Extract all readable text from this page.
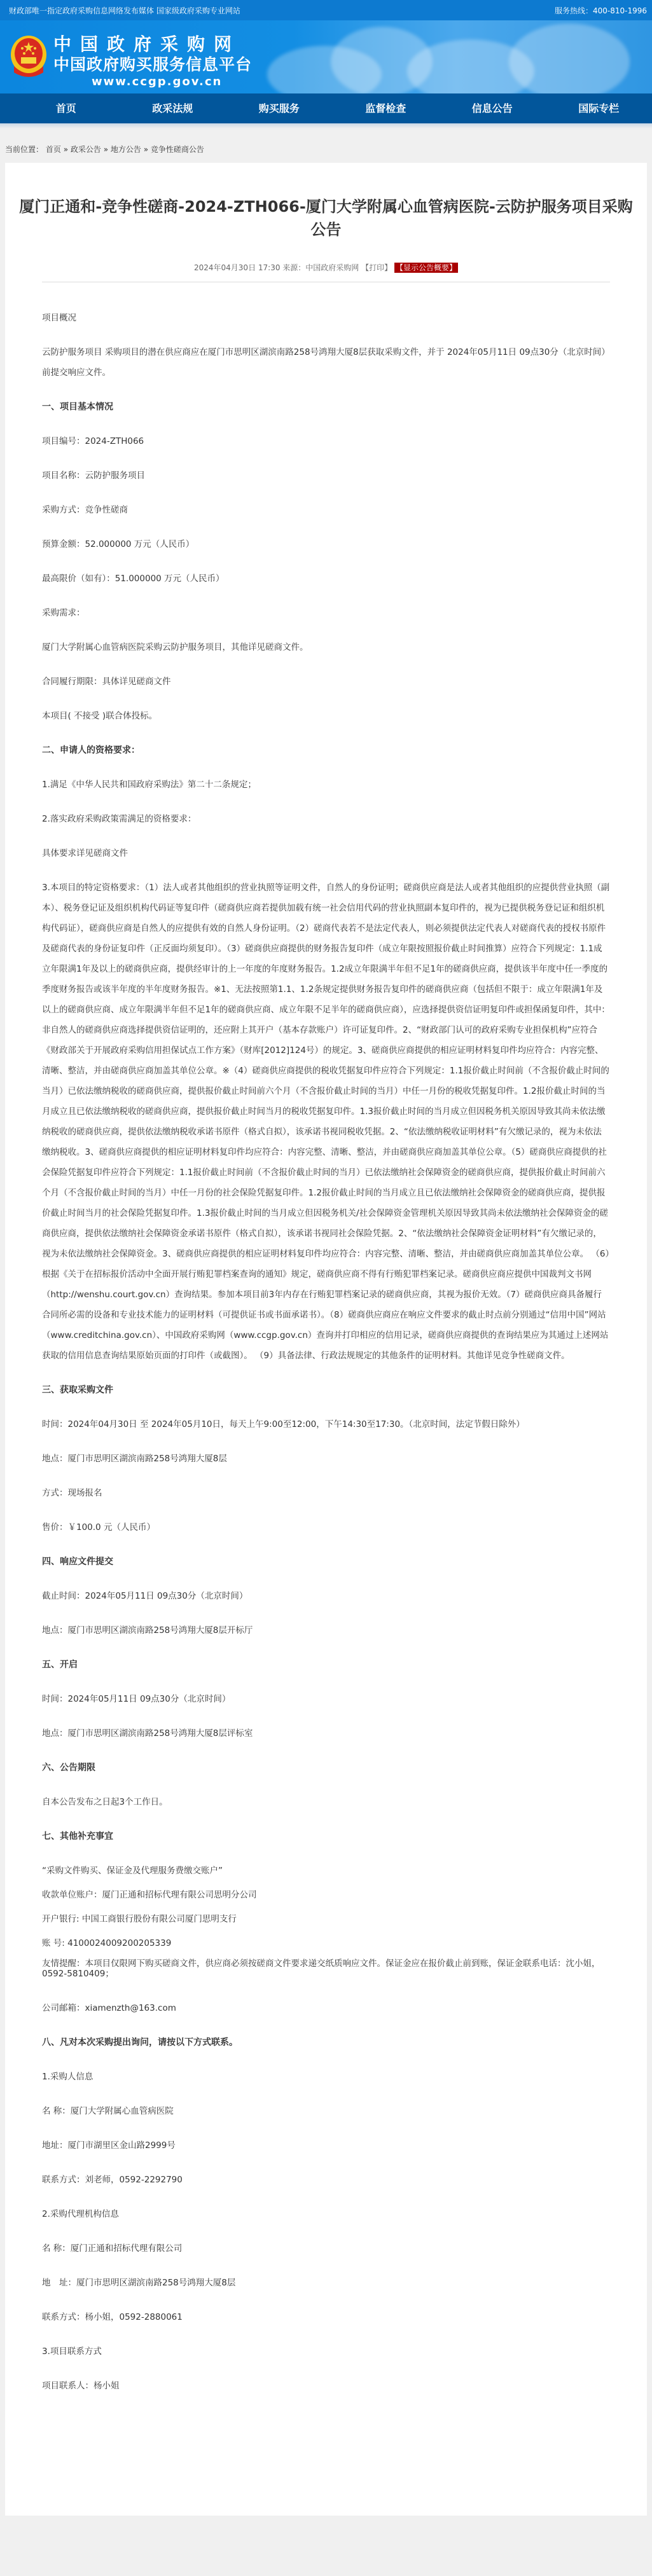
财政部唯一指定政府采购信息网络发布媒体 国家级政府采购专业网站	服务热线：400-810-1996
中国政府采购网
中国政府购买服务信息平台
www.ccgp.gov.cn
首页	政采法规	购买服务	监督检查	信息公告	国际专栏
当前位置： 首页 » 政采公告 » 地方公告 » 竞争性磋商公告
厦门正通和-竞争性磋商-2024-ZTH066-厦门大学附属心血管病医院-云防护服务项目采购公告
2024年04月30日 17:30 来源：中国政府采购网 【打印】 【显示公告概要】

项目概况

云防护服务项目 采购项目的潜在供应商应在厦门市思明区湖滨南路258号鸿翔大厦8层获取采购文件，并于 2024年05月11日 09点30分（北京时间）前提交响应文件。

一、项目基本情况

项目编号：2024-ZTH066

项目名称：云防护服务项目

采购方式：竞争性磋商

预算金额：52.000000 万元（人民币）

最高限价（如有）：51.000000 万元（人民币）

采购需求：

厦门大学附属心血管病医院采购云防护服务项目，其他详见磋商文件。

合同履行期限：具体详见磋商文件

本项目( 不接受 )联合体投标。

二、申请人的资格要求：

1.满足《中华人民共和国政府采购法》第二十二条规定；

2.落实政府采购政策需满足的资格要求：

具体要求详见磋商文件

3.本项目的特定资格要求：（1）法人或者其他组织的营业执照等证明文件，自然人的身份证明；磋商供应商是法人或者其他组织的应提供营业执照（副本）、税务登记证及组织机构代码证等复印件（磋商供应商若提供加载有统一社会信用代码的营业执照副本复印件的，视为已提供税务登记证和组织机构代码证），磋商供应商是自然人的应提供有效的自然人身份证明。（2）磋商代表若不是法定代表人，则必须提供法定代表人对磋商代表的授权书原件及磋商代表的身份证复印件（正反面均须复印）。（3）磋商供应商提供的财务报告复印件（成立年限按照报价截止时间推算）应符合下列规定：1.1成立年限满1年及以上的磋商供应商，提供经审计的上一年度的年度财务报告。1.2成立年限满半年但不足1年的磋商供应商，提供该半年度中任一季度的季度财务报告或该半年度的半年度财务报告。※1、无法按照第1.1、1.2条规定提供财务报告复印件的磋商供应商（包括但不限于：成立年限满1年及以上的磋商供应商、成立年限满半年但不足1年的磋商供应商、成立年限不足半年的磋商供应商），应选择提供资信证明复印件或担保函复印件，其中：非自然人的磋商供应商选择提供资信证明的，还应附上其开户（基本存款账户）许可证复印件。2、“财政部门认可的政府采购专业担保机构”应符合《财政部关于开展政府采购信用担保试点工作方案》（财库[2012]124号）的规定。3、磋商供应商提供的相应证明材料复印件均应符合：内容完整、清晰、整洁，并由磋商供应商加盖其单位公章。※（4）磋商供应商提供的税收凭据复印件应符合下列规定：1.1报价截止时间前（不含报价截止时间的当月）已依法缴纳税收的磋商供应商，提供报价截止时间前六个月（不含报价截止时间的当月）中任一月份的税收凭据复印件。1.2报价截止时间的当月成立且已依法缴纳税收的磋商供应商，提供报价截止时间当月的税收凭据复印件。1.3报价截止时间的当月成立但因税务机关原因导致其尚未依法缴纳税收的磋商供应商，提供依法缴纳税收承诺书原件（格式自拟），该承诺书视同税收凭据。2、“依法缴纳税收证明材料”有欠缴记录的，视为未依法缴纳税收。3、磋商供应商提供的相应证明材料复印件均应符合：内容完整、清晰、整洁，并由磋商供应商加盖其单位公章。（5）磋商供应商提供的社会保险凭据复印件应符合下列规定：1.1报价截止时间前（不含报价截止时间的当月）已依法缴纳社会保障资金的磋商供应商，提供报价截止时间前六个月（不含报价截止时间的当月）中任一月份的社会保险凭据复印件。1.2报价截止时间的当月成立且已依法缴纳社会保障资金的磋商供应商，提供报价截止时间当月的社会保险凭据复印件。1.3报价截止时间的当月成立但因税务机关/社会保障资金管理机关原因导致其尚未依法缴纳社会保障资金的磋商供应商，提供依法缴纳社会保障资金承诺书原件（格式自拟），该承诺书视同社会保险凭据。2、“依法缴纳社会保障资金证明材料”有欠缴记录的，视为未依法缴纳社会保障资金。3、磋商供应商提供的相应证明材料复印件均应符合：内容完整、清晰、整洁，并由磋商供应商加盖其单位公章。 （6）根据《关于在招标报价活动中全面开展行贿犯罪档案查询的通知》规定，磋商供应商不得有行贿犯罪档案记录。磋商供应商应提供中国裁判文书网（http://wenshu.court.gov.cn）查询结果。参加本项目前3年内存在行贿犯罪档案记录的磋商供应商，其视为报价无效。（7）磋商供应商具备履行合同所必需的设备和专业技术能力的证明材料（可提供证书或书面承诺书）。（8）磋商供应商应在响应文件要求的截止时点前分别通过“信用中国”网站（www.creditchina.gov.cn）、中国政府采购网（www.ccgp.gov.cn）查询并打印相应的信用记录，磋商供应商提供的查询结果应为其通过上述网站获取的信用信息查询结果原始页面的打印件（或截图）。 （9）具备法律、行政法规规定的其他条件的证明材料。其他详见竞争性磋商文件。

三、获取采购文件

时间：2024年04月30日 至 2024年05月10日，每天上午9:00至12:00，下午14:30至17:30。（北京时间，法定节假日除外）

地点：厦门市思明区湖滨南路258号鸿翔大厦8层

方式：现场报名

售价：￥100.0 元（人民币）

四、响应文件提交

截止时间：2024年05月11日 09点30分（北京时间）

地点：厦门市思明区湖滨南路258号鸿翔大厦8层开标厅

五、开启

时间：2024年05月11日 09点30分（北京时间）

地点：厦门市思明区湖滨南路258号鸿翔大厦8层评标室

六、公告期限

自本公告发布之日起3个工作日。

七、其他补充事宜

“采购文件购买、保证金及代理服务费缴交账户”

收款单位账户：厦门正通和招标代理有限公司思明分公司

开户银行: 中国工商银行股份有限公司厦门思明支行

账 号: 4100024009200205339

友情提醒：本项目仅限网下购买磋商文件，供应商必须按磋商文件要求递交纸质响应文件。保证金应在报价截止前到账，保证金联系电话：沈小姐，0592-5810409；

公司邮箱：xiamenzth@163.com

八、凡对本次采购提出询问，请按以下方式联系。

1.采购人信息

名 称：厦门大学附属心血管病医院

地址：厦门市湖里区金山路2999号

联系方式：刘老师，0592-2292790

2.采购代理机构信息

名 称：厦门正通和招标代理有限公司

地　址：厦门市思明区湖滨南路258号鸿翔大厦8层

联系方式：杨小姐，0592-2880061

3.项目联系方式

项目联系人：杨小姐
